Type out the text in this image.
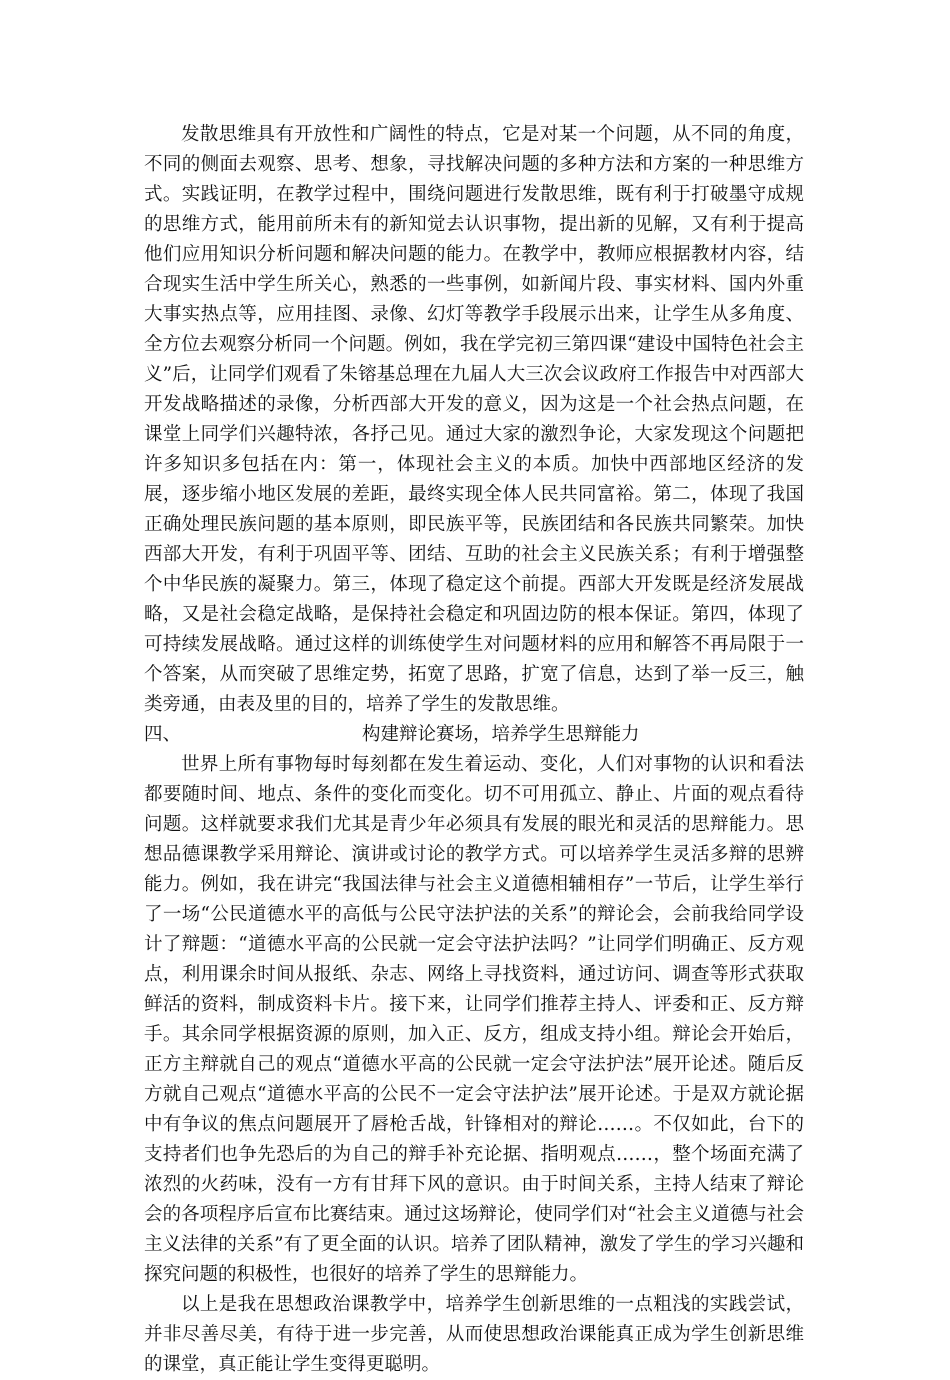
发散思维具有开放性和广阔性的特点，它是对某一个问题，从不同的角度，不同的侧面去观察、思考、想象，寻找解决问题的多种方法和方案的一种思维方式。实践证明，在教学过程中，围绕问题进行发散思维，既有利于打破墨守成规的思维方式，能用前所未有的新知觉去认识事物，提出新的见解，又有利于提高他们应用知识分析问题和解决问题的能力。在教学中，教师应根据教材内容，结合现实生活中学生所关心，熟悉的一些事例，如新闻片段、事实材料、国内外重大事实热点等，应用挂图、录像、幻灯等教学手段展示出来，让学生从多角度、全方位去观察分析同一个问题。例如，我在学完初三第四课“建设中国特色社会主义”后，让同学们观看了朱镕基总理在九届人大三次会议政府工作报告中对西部大开发战略描述的录像，分析西部大开发的意义，因为这是一个社会热点问题，在课堂上同学们兴趣特浓，各抒己见。通过大家的激烈争论，大家发现这个问题把许多知识多包括在内：第一，体现社会主义的本质。加快中西部地区经济的发展，逐步缩小地区发展的差距，最终实现全体人民共同富裕。第二，体现了我国正确处理民族问题的基本原则，即民族平等，民族团结和各民族共同繁荣。加快西部大开发，有利于巩固平等、团结、互助的社会主义民族关系；有利于增强整个中华民族的凝聚力。第三，体现了稳定这个前提。西部大开发既是经济发展战略，又是社会稳定战略，是保持社会稳定和巩固边防的根本保证。第四，体现了可持续发展战略。通过这样的训练使学生对问题材料的应用和解答不再局限于一个答案，从而突破了思维定势，拓宽了思路，扩宽了信息，达到了举一反三，触类旁通，由表及里的目的，培养了学生的发散思维。

四、	构建辩论赛场，培养学生思辩能力

世界上所有事物每时每刻都在发生着运动、变化，人们对事物的认识和看法都要随时间、地点、条件的变化而变化。切不可用孤立、静止、片面的观点看待问题。这样就要求我们尤其是青少年必须具有发展的眼光和灵活的思辩能力。思想品德课教学采用辩论、演讲或讨论的教学方式。可以培养学生灵活多辩的思辨能力。例如，我在讲完“我国法律与社会主义道德相辅相存”一节后，让学生举行了一场“公民道德水平的高低与公民守法护法的关系”的辩论会，会前我给同学设计了辩题：“道德水平高的公民就一定会守法护法吗？”让同学们明确正、反方观点，利用课余时间从报纸、杂志、网络上寻找资料，通过访问、调查等形式获取鲜活的资料，制成资料卡片。接下来，让同学们推荐主持人、评委和正、反方辩手。其余同学根据资源的原则，加入正、反方，组成支持小组。辩论会开始后，正方主辩就自己的观点“道德水平高的公民就一定会守法护法”展开论述。随后反方就自己观点“道德水平高的公民不一定会守法护法”展开论述。于是双方就论据中有争议的焦点问题展开了唇枪舌战，针锋相对的辩论……。不仅如此，台下的支持者们也争先恐后的为自己的辩手补充论据、指明观点……，整个场面充满了浓烈的火药味，没有一方有甘拜下风的意识。由于时间关系，主持人结束了辩论会的各项程序后宣布比赛结束。通过这场辩论，使同学们对“社会主义道德与社会主义法律的关系”有了更全面的认识。培养了团队精神，激发了学生的学习兴趣和探究问题的积极性，也很好的培养了学生的思辩能力。

以上是我在思想政治课教学中，培养学生创新思维的一点粗浅的实践尝试，并非尽善尽美，有待于进一步完善，从而使思想政治课能真正成为学生创新思维的课堂，真正能让学生变得更聪明。
